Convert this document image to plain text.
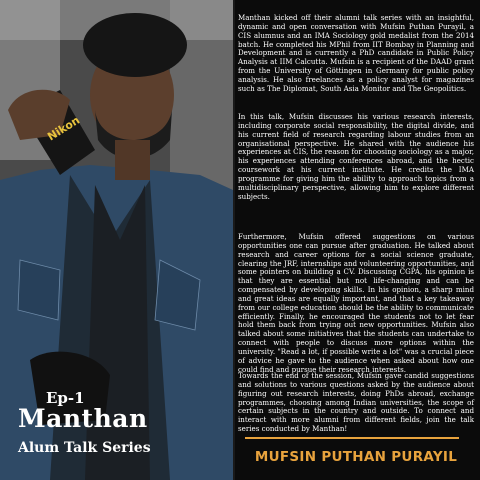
Nikon
Ep-1
Manthan
Alum Talk Series

Manthan kicked off their alumni talk series with an insightful, dynamic and open conversation with Mufsin Puthan Purayil, a CIS alumnus and an IMA Sociology gold medalist from the 2014 batch. He completed his MPhil from IIT Bombay in Planning and Development and is currently a PhD candidate in Public Policy Analysis at IIM Calcutta. Mufsin is a recipient of the DAAD grant from the University of Göttingen in Germany for public policy analysis. He also freelances as a policy analyst for magazines such as The Diplomat, South Asia Monitor and The Geopolitics.

In this talk, Mufsin discusses his various research interests, including corporate social responsibility, the digital divide, and his current field of research regarding labour studies from an organisational perspective. He shared with the audience his experiences at CIS, the reason for choosing sociology as a major, his experiences attending conferences abroad, and the hectic coursework at his current institute. He credits the IMA programme for giving him the ability to approach topics from a multidisciplinary perspective, allowing him to explore different subjects.

Furthermore, Mufsin offered suggestions on various opportunities one can pursue after graduation. He talked about research and career options for a social science graduate, clearing the JRF, internships and volunteering opportunities, and some pointers on building a CV. Discussing CGPA, his opinion is that they are essential but not life-changing and can be compensated by developing skills. In his opinion, a sharp mind and great ideas are equally important, and that a key takeaway from our college education should be the ability to communicate efficiently. Finally, he encouraged the students not to let fear hold them back from trying out new opportunities. Mufsin also talked about some initiatives that the students can undertake to connect with people to discuss more options within the university. "Read a lot, if possible write a lot" was a crucial piece of advice he gave to the audience when asked about how one could find and pursue their research interests.

Towards the end of the session, Mufsin gave candid suggestions and solutions to various questions asked by the audience about figuring out research interests, doing PhDs abroad, exchange programmes, choosing among Indian universities, the scope of certain subjects in the country and outside. To connect and interact with more alumni from different fields, join the talk series conducted by Manthan!

MUFSIN PUTHAN PURAYIL
